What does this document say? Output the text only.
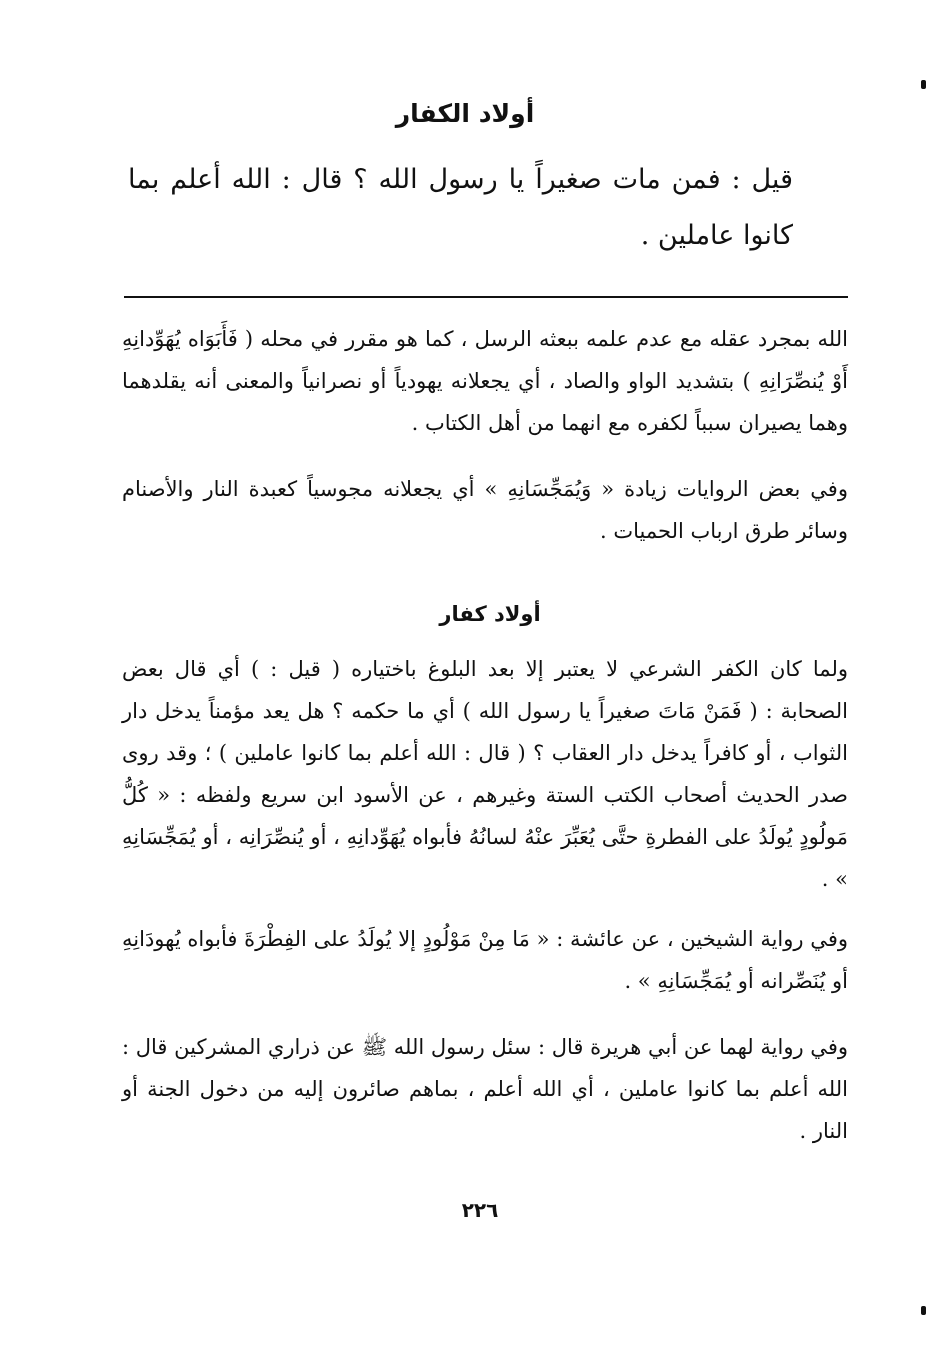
أولاد الكفار
قيل : فمن مات صغيراً يا رسول الله ؟ قال : الله أعلم بما كانوا عاملين .
الله بمجرد عقله مع عدم علمه ببعثه الرسل ، كما هو مقرر في محله ( فَأَبَوَاه يُهَوِّدانِهِ أَوْ يُنصِّرَانِهِ ) بتشديد الواو والصاد ، أي يجعلانه يهودياً أو نصرانياً والمعنى أنه يقلدهما وهما يصيران سبباً لكفره مع انهما من أهل الكتاب .
وفي بعض الروايات زيادة « وَيُمَجِّسَانِهِ » أي يجعلانه مجوسياً كعبدة النار والأصنام وسائر طرق ارباب الحميات .
أولاد كفار
ولما كان الكفر الشرعي لا يعتبر إلا بعد البلوغ باختياره ( قيل : ) أي قال بعض الصحابة : ( فَمَنْ مَاتَ صغيراً يا رسول الله ) أي ما حكمه ؟ هل يعد مؤمناً يدخل دار الثواب ، أو كافراً يدخل دار العقاب ؟ ( قال : الله أعلم بما كانوا عاملين ) ؛ وقد روى صدر الحديث أصحاب الكتب الستة وغيرهم ، عن الأسود ابن سريع ولفظه : « كُلُّ مَولُودٍ يُولَدُ على الفطرةِ حتَّى يُعَبِّرَ عنْهُ لسانُهُ فأبواه يُهَوِّدانِهِ ، أو يُنصِّرَانِه ، أو يُمَجِّسَانِهِ » .
وفي رواية الشيخين ، عن عائشة : « مَا مِنْ مَوْلُودٍ إلا يُولَدُ على الفِطْرَةَ فأبواه يُهودَانِهِ أو يُنَصِّرانه أو يُمَجِّسَانِهِ » .
وفي رواية لهما عن أبي هريرة قال : سئل رسول الله ﷺ عن ذراري المشركين قال : الله أعلم بما كانوا عاملين ، أي الله أعلم ، بماهم صائرون إليه من دخول الجنة أو النار .
٢٢٦
